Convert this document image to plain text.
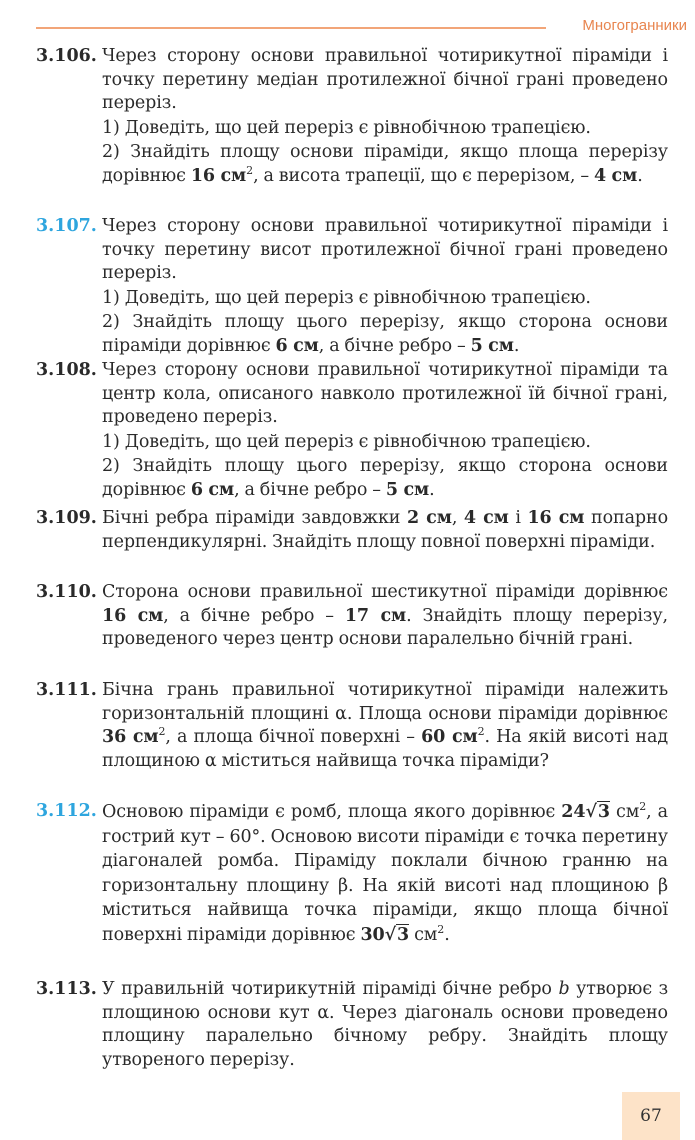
Многогранники
3.106. Через сторону основи правильної чотирикутної піраміди і точку перетину медіан протилежної бічної грані проведено переріз.

1) Доведіть, що цей переріз є рівнобічною трапецією.

2) Знайдіть площу основи піраміди, якщо площа перерізу дорівнює 16 $см^2$, а висота трапеції, що є перерізом, – 4 см.

3.107. Через сторону основи правильної чотирикутної піраміди і точку перетину висот протилежної бічної грані проведено переріз.

1) Доведіть, що цей переріз є рівнобічною трапецією.

2) Знайдіть площу цього перерізу, якщо сторона основи піраміди дорівнює 6 см, а бічне ребро – 5 см.

3.108. Через сторону основи правильної чотирикутної піраміди та центр кола, описаного навколо протилежної їй бічної грані, проведено переріз.

1) Доведіть, що цей переріз є рівнобічною трапецією.

2) Знайдіть площу цього перерізу, якщо сторона основи дорівнює 6 см, а бічне ребро – 5 см.

3.109. Бічні ребра піраміди завдовжки 2 см, 4 см і 16 см попарно перпендикулярні. Знайдіть площу повної поверхні піраміди.

3.110. Сторона основи правильної шестикутної піраміди дорівнює 16 см, а бічне ребро – 17 см. Знайдіть площу перерізу, проведеного через центр основи паралельно бічній грані.

3.111. Бічна грань правильної чотирикутної піраміди належить горизонтальній площині α. Площа основи піраміди дорівнює 36 $см^2$, а площа бічної поверхні – 60 $см^2$. На якій висоті над площиною α міститься найвища точка піраміди?

3.112. Основою піраміди є ромб, площа якого дорівнює 24√3 $см^2$, а гострий кут – 60°. Основою висоти піраміди є точка перетину діагоналей ромба. Піраміду поклали бічною гранню на горизонтальну площину β. На якій висоті над площиною β міститься найвища точка піраміди, якщо площа бічної поверхні піраміди дорівнює 30√3 $см^2$.

3.113. У правильній чотирикутній піраміді бічне ребро b утворює з площиною основи кут α. Через діагональ основи проведено площину паралельно бічному ребру. Знайдіть площу утвореного перерізу.

67
